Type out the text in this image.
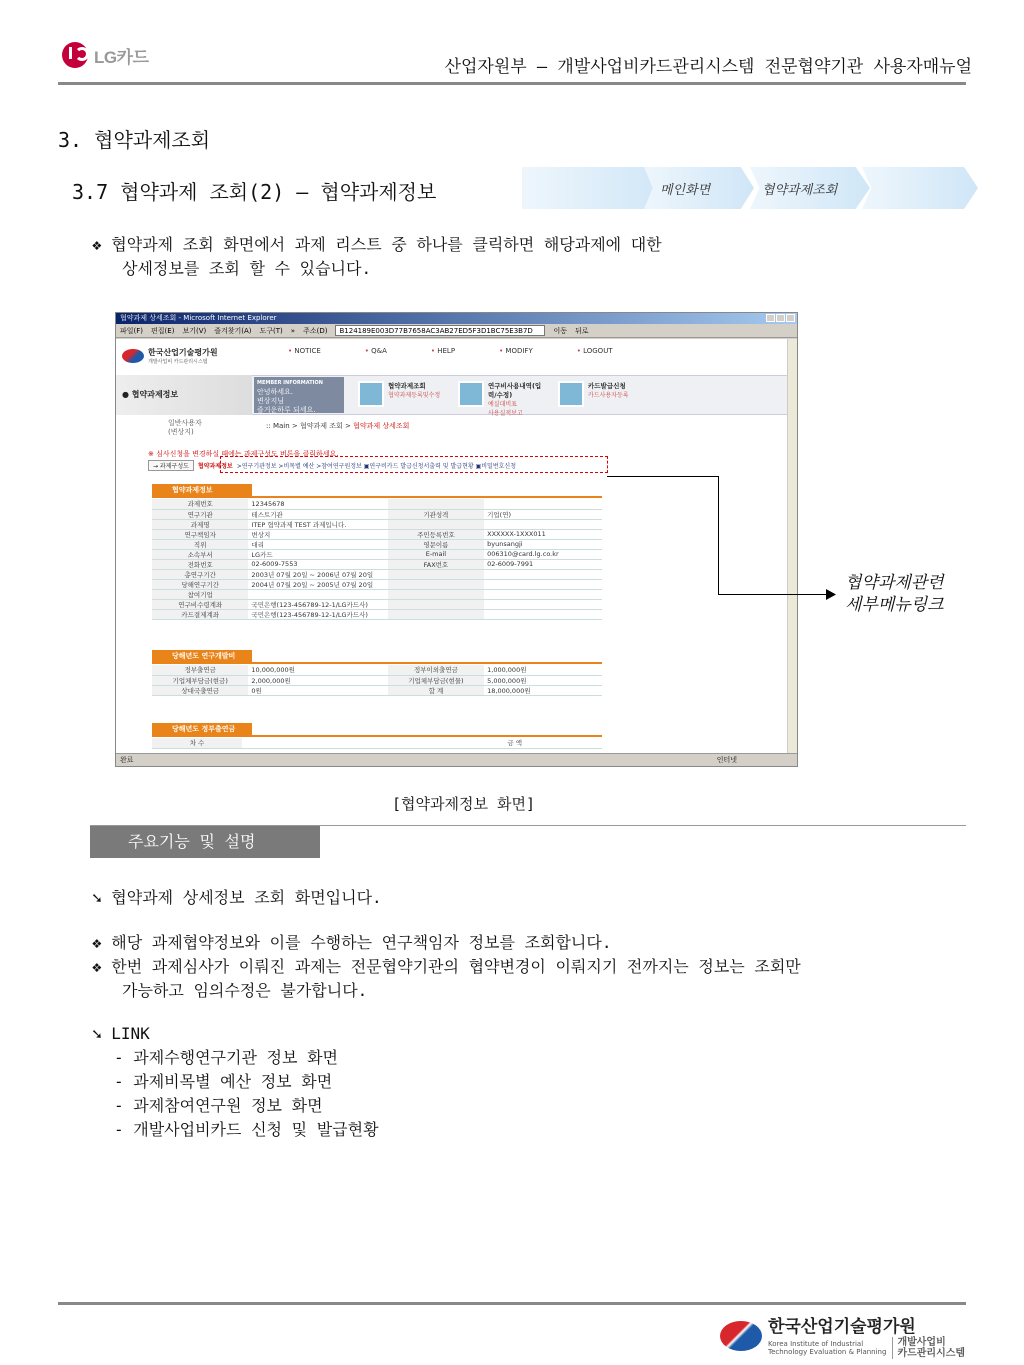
LG카드	산업자원부 – 개발사업비카드관리시스템 전문협약기관 사용자매뉴얼
3. 협약과제조회
3.7 협약과제 조회(2) – 협약과제정보	메인화면	협약과제조회
❖ 협약과제 조회 화면에서 과제 리스트 중 하나를 클릭하면 해당과제에 대한
상세정보를 조회 할 수 있습니다.
협약과제 상세조회 - Microsoft Internet Explorer
파일(F) 편집(E) 보기(V) 즐겨찾기(A) 도구(T) » 주소(D)	B124189E003D77B7658AC3AB27ED5F3D1BC75E3B7D	이동 뒤로
한국산업기술평가원
개발사업비 카드관리시스템
• NOTICE	• Q&A	• HELP	• MODIFY	• LOGOUT
● 협약과제정보
MEMBER INFORMATION
안녕하세요.
변상지님
즐거운하루 되세요.
협약과제조회
협약과제등록및수정
연구비사용내역(입력/수정)
예실대비표
사용실적보고
카드발급신청
카드사용자등록
일반사용자
(변상지)
:: Main > 협약과제 조회 > 협약과제 상세조회
※ 심사신청을 변경하실 때에는 과제구성도 버튼을 클릭하세요.
→ 과제구성도	협약과제정보 >연구기관정보 >비목별 예산 >참여연구원정보 ▣연구비카드 발급신청서출력 및 발급현황 ▣비밀번호신청
협약과제정보
과제번호	12345678		
연구기관	테스트기관	기관성격	기업(연)
과제명	ITEP 협약과제 TEST 과제입니다.		
연구책임자	변상지	주민등록번호	XXXXXX-1XXX011
직위	대리	영문이름	byunsangji
소속부서	LG카드	E-mail	006310@card.lg.co.kr
전화번호	02-6009-7553	FAX번호	02-6009-7991
총연구기간	2003년 07월 20일 ~ 2006년 07월 20일		
당해연구기간	2004년 07월 20일 ~ 2005년 07월 20일		
참여기업			
연구비수령계좌	국민은행(123-456789-12-1/LG카드사)		
카드결제계좌	국민은행(123-456789-12-1/LG카드사)		
당해년도 연구개발비
정부출연금	10,000,000원	정부이외출연금	1,000,000원
기업체부담금(현금)	2,000,000원	기업체부담금(현물)	5,000,000원
상대국출연금	0원	합 계	18,000,000원
당해년도 정부출연금
차 수	금 액
완료	인터넷
협약과제관련
세부메뉴링크
[협약과제정보 화면]
주요기능 및 설명
➘ 협약과제 상세정보 조회 화면입니다.
❖ 해당 과제협약정보와 이를 수행하는 연구책임자 정보를 조회합니다.
❖ 한번 과제심사가 이뤄진 과제는 전문협약기관의 협약변경이 이뤄지기 전까지는 정보는 조회만
가능하고 임의수정은 불가합니다.
➘ LINK
- 과제수행연구기관 정보 화면
- 과제비목별 예산 정보 화면
- 과제참여연구원 정보 화면
- 개발사업비카드 신청 및 발급현황
한국산업기술평가원
Korea Institute of Industrial
Technology Evaluation & Planning
개발사업비
카드관리시스템
